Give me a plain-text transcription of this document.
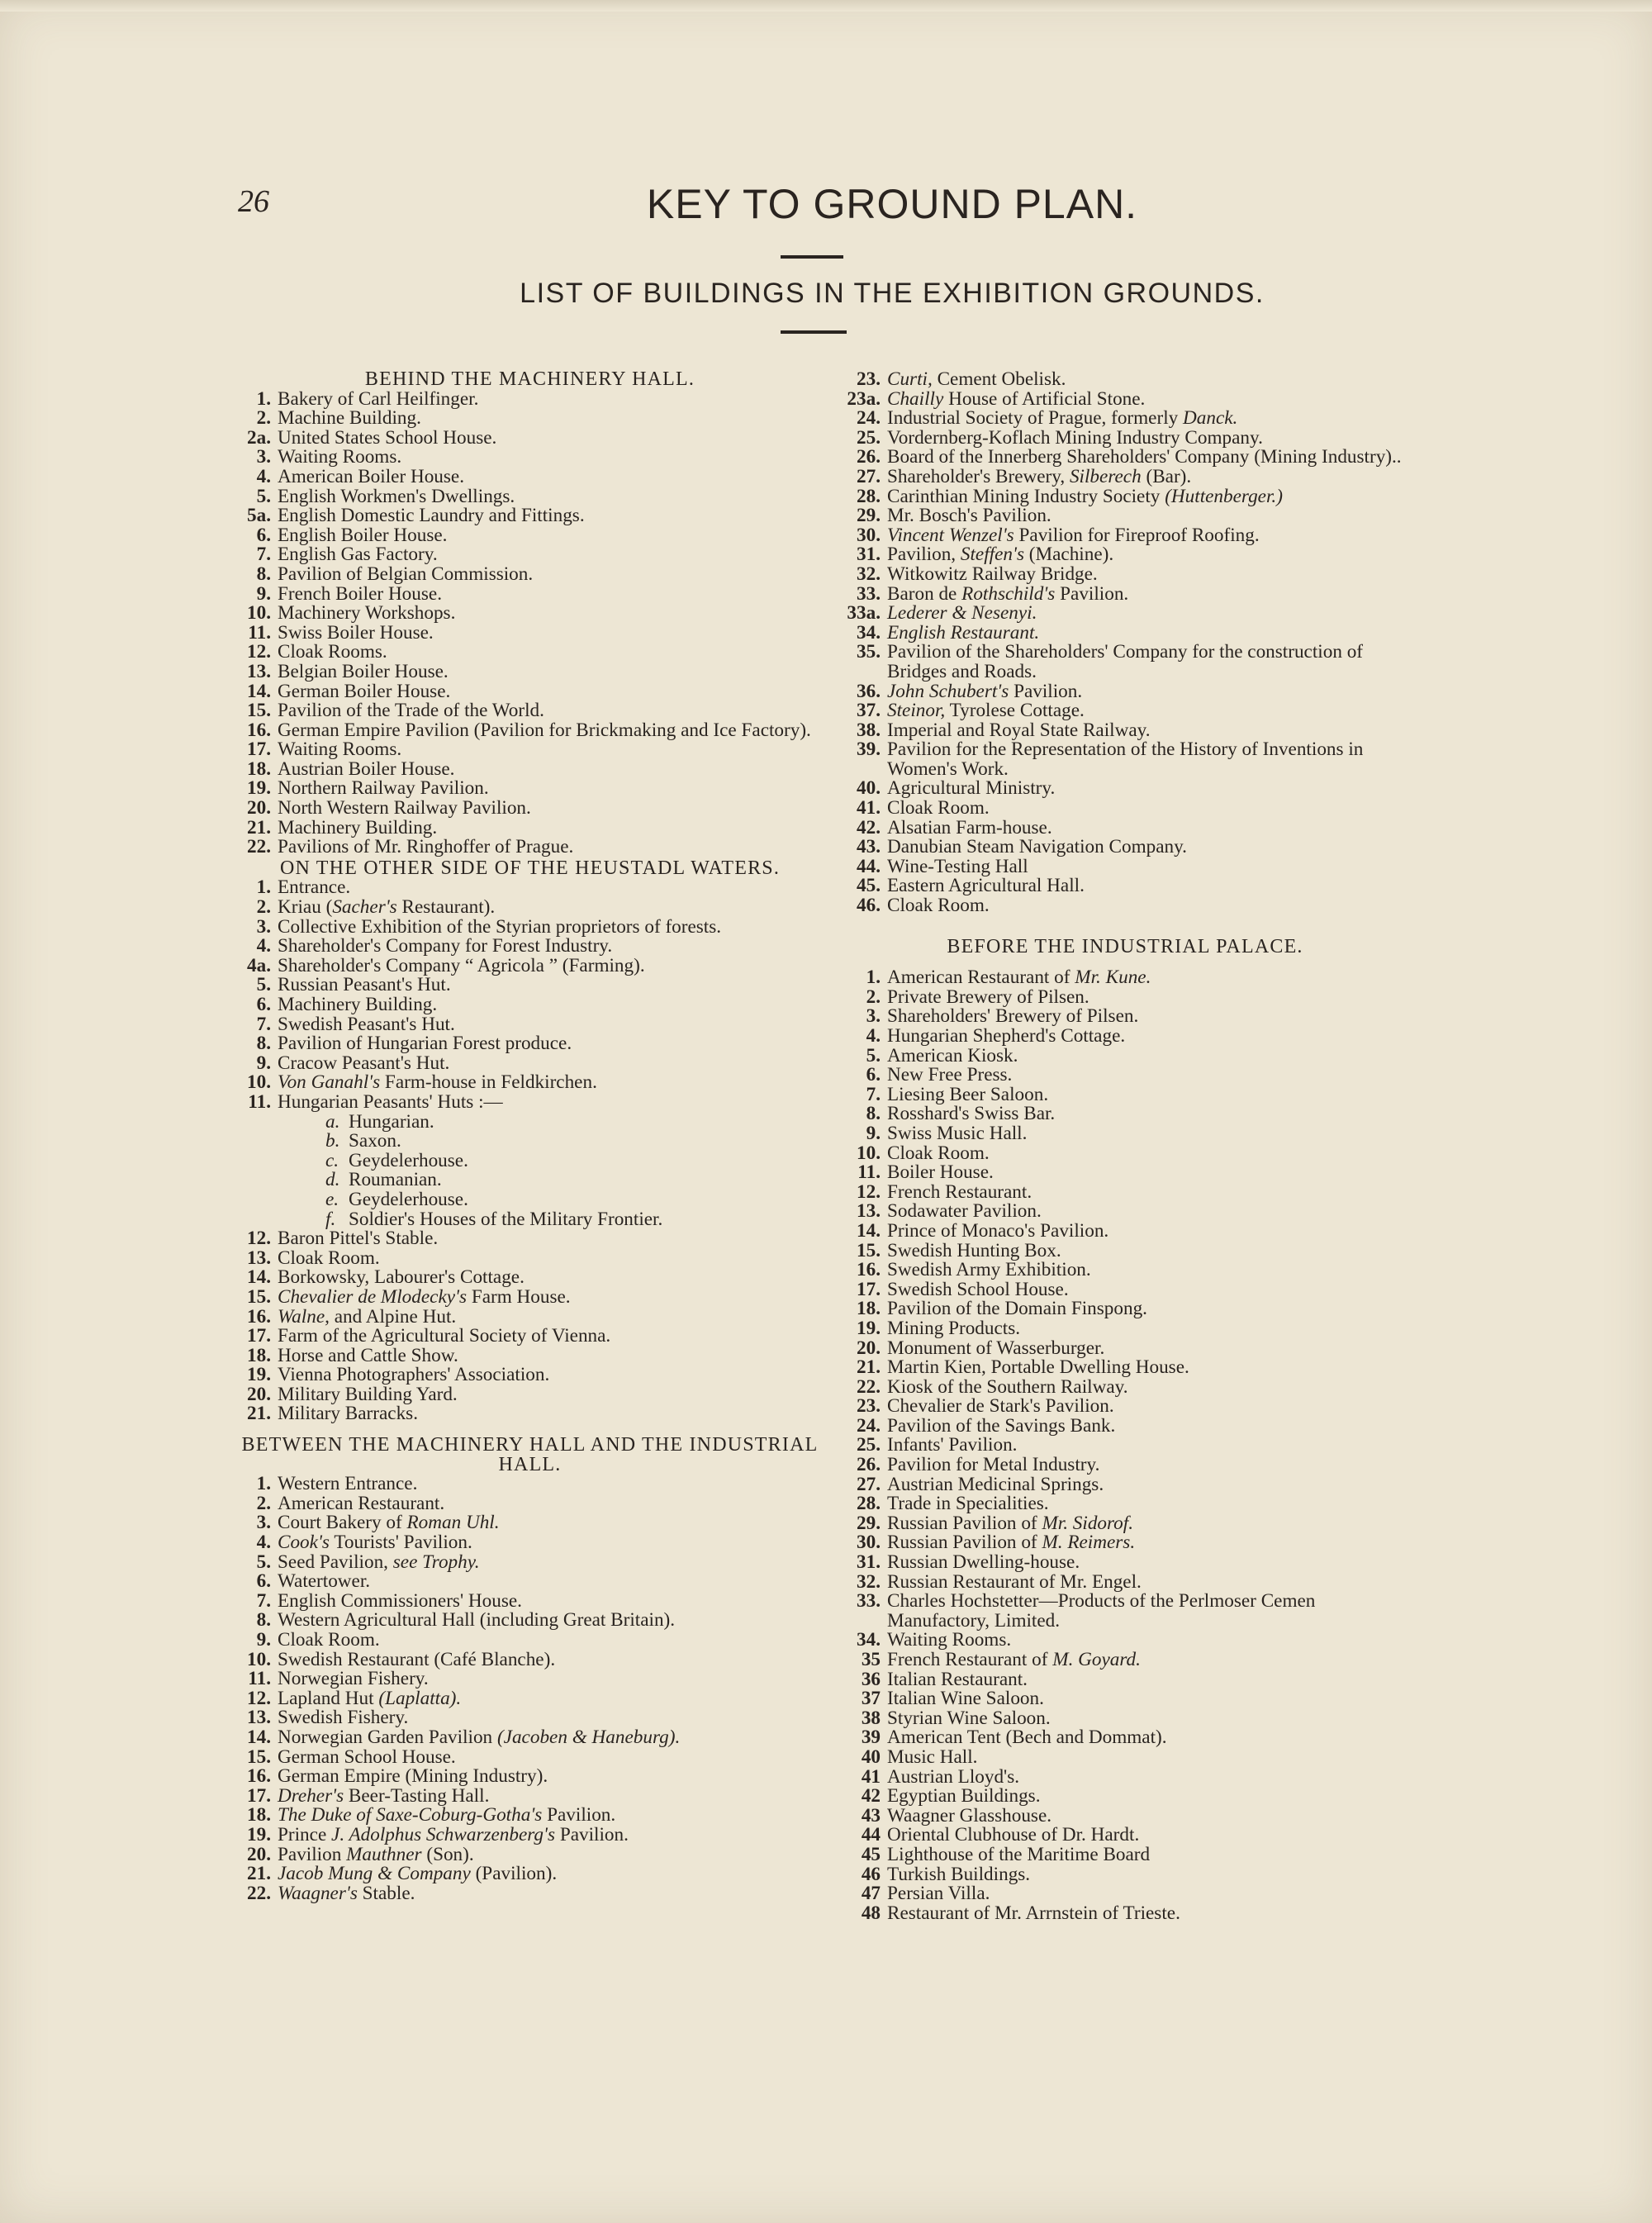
26	KEY TO GROUND PLAN.
LIST OF BUILDINGS IN THE EXHIBITION GROUNDS.
BEHIND THE MACHINERY HALL.
1. Bakery of Carl Heilfinger.
2. Machine Building.
2a. United States School House.
3. Waiting Rooms.
4. American Boiler House.
5. English Workmen's Dwellings.
5a. English Domestic Laundry and Fittings.
6. English Boiler House.
7. English Gas Factory.
8. Pavilion of Belgian Commission.
9. French Boiler House.
10. Machinery Workshops.
11. Swiss Boiler House.
12. Cloak Rooms.
13. Belgian Boiler House.
14. German Boiler House.
15. Pavilion of the Trade of the World.
16. German Empire Pavilion (Pavilion for Brickmaking and Ice Factory).
17. Waiting Rooms.
18. Austrian Boiler House.
19. Northern Railway Pavilion.
20. North Western Railway Pavilion.
21. Machinery Building.
22. Pavilions of Mr. Ringhoffer of Prague.
ON THE OTHER SIDE OF THE HEUSTADL WATERS.
1. Entrance.
2. Kriau (Sacher's Restaurant).
3. Collective Exhibition of the Styrian proprietors of forests.
4. Shareholder's Company for Forest Industry.
4a. Shareholder's Company “ Agricola ” (Farming).
5. Russian Peasant's Hut.
6. Machinery Building.
7. Swedish Peasant's Hut.
8. Pavilion of Hungarian Forest produce.
9. Cracow Peasant's Hut.
10. Von Ganahl's Farm-house in Feldkirchen.
11. Hungarian Peasants' Huts :—
a. Hungarian.
b. Saxon.
c. Geydelerhouse.
d. Roumanian.
e. Geydelerhouse.
f. Soldier's Houses of the Military Frontier.
12. Baron Pittel's Stable.
13. Cloak Room.
14. Borkowsky, Labourer's Cottage.
15. Chevalier de Mlodecky's Farm House.
16. Walne, and Alpine Hut.
17. Farm of the Agricultural Society of Vienna.
18. Horse and Cattle Show.
19. Vienna Photographers' Association.
20. Military Building Yard.
21. Military Barracks.
BETWEEN THE MACHINERY HALL AND THE INDUSTRIAL HALL.
1. Western Entrance.
2. American Restaurant.
3. Court Bakery of Roman Uhl.
4. Cook's Tourists' Pavilion.
5. Seed Pavilion, see Trophy.
6. Watertower.
7. English Commissioners' House.
8. Western Agricultural Hall (including Great Britain).
9. Cloak Room.
10. Swedish Restaurant (Café Blanche).
11. Norwegian Fishery.
12. Lapland Hut (Laplatta).
13. Swedish Fishery.
14. Norwegian Garden Pavilion (Jacoben & Haneburg).
15. German School House.
16. German Empire (Mining Industry).
17. Dreher's Beer-Tasting Hall.
18. The Duke of Saxe-Coburg-Gotha's Pavilion.
19. Prince J. Adolphus Schwarzenberg's Pavilion.
20. Pavilion Mauthner (Son).
21. Jacob Mung & Company (Pavilion).
22. Waagner's Stable.
23. Curti, Cement Obelisk.
23a. Chailly House of Artificial Stone.
24. Industrial Society of Prague, formerly Danck.
25. Vordernberg-Koflach Mining Industry Company.
26. Board of the Innerberg Shareholders' Company (Mining Industry)..
27. Shareholder's Brewery, Silberech (Bar).
28. Carinthian Mining Industry Society (Huttenberger.)
29. Mr. Bosch's Pavilion.
30. Vincent Wenzel's Pavilion for Fireproof Roofing.
31. Pavilion, Steffen's (Machine).
32. Witkowitz Railway Bridge.
33. Baron de Rothschild's Pavilion.
33a. Lederer & Nesenyi.
34. English Restaurant.
35. Pavilion of the Shareholders' Company for the construction of Bridges and Roads.
36. John Schubert's Pavilion.
37. Steinor, Tyrolese Cottage.
38. Imperial and Royal State Railway.
39. Pavilion for the Representation of the History of Inventions in Women's Work.
40. Agricultural Ministry.
41. Cloak Room.
42. Alsatian Farm-house.
43. Danubian Steam Navigation Company.
44. Wine-Testing Hall
45. Eastern Agricultural Hall.
46. Cloak Room.
BEFORE THE INDUSTRIAL PALACE.
1. American Restaurant of Mr. Kune.
2. Private Brewery of Pilsen.
3. Shareholders' Brewery of Pilsen.
4. Hungarian Shepherd's Cottage.
5. American Kiosk.
6. New Free Press.
7. Liesing Beer Saloon.
8. Rosshard's Swiss Bar.
9. Swiss Music Hall.
10. Cloak Room.
11. Boiler House.
12. French Restaurant.
13. Sodawater Pavilion.
14. Prince of Monaco's Pavilion.
15. Swedish Hunting Box.
16. Swedish Army Exhibition.
17. Swedish School House.
18. Pavilion of the Domain Finspong.
19. Mining Products.
20. Monument of Wasserburger.
21. Martin Kien, Portable Dwelling House.
22. Kiosk of the Southern Railway.
23. Chevalier de Stark's Pavilion.
24. Pavilion of the Savings Bank.
25. Infants' Pavilion.
26. Pavilion for Metal Industry.
27. Austrian Medicinal Springs.
28. Trade in Specialities.
29. Russian Pavilion of Mr. Sidorof.
30. Russian Pavilion of M. Reimers.
31. Russian Dwelling-house.
32. Russian Restaurant of Mr. Engel.
33. Charles Hochstetter—Products of the Perlmoser Cemen Manufactory, Limited.
34. Waiting Rooms.
35 French Restaurant of M. Goyard.
36 Italian Restaurant.
37 Italian Wine Saloon.
38 Styrian Wine Saloon.
39 American Tent (Bech and Dommat).
40 Music Hall.
41 Austrian Lloyd's.
42 Egyptian Buildings.
43 Waagner Glasshouse.
44 Oriental Clubhouse of Dr. Hardt.
45 Lighthouse of the Maritime Board
46 Turkish Buildings.
47 Persian Villa.
48 Restaurant of Mr. Arrnstein of Trieste.
